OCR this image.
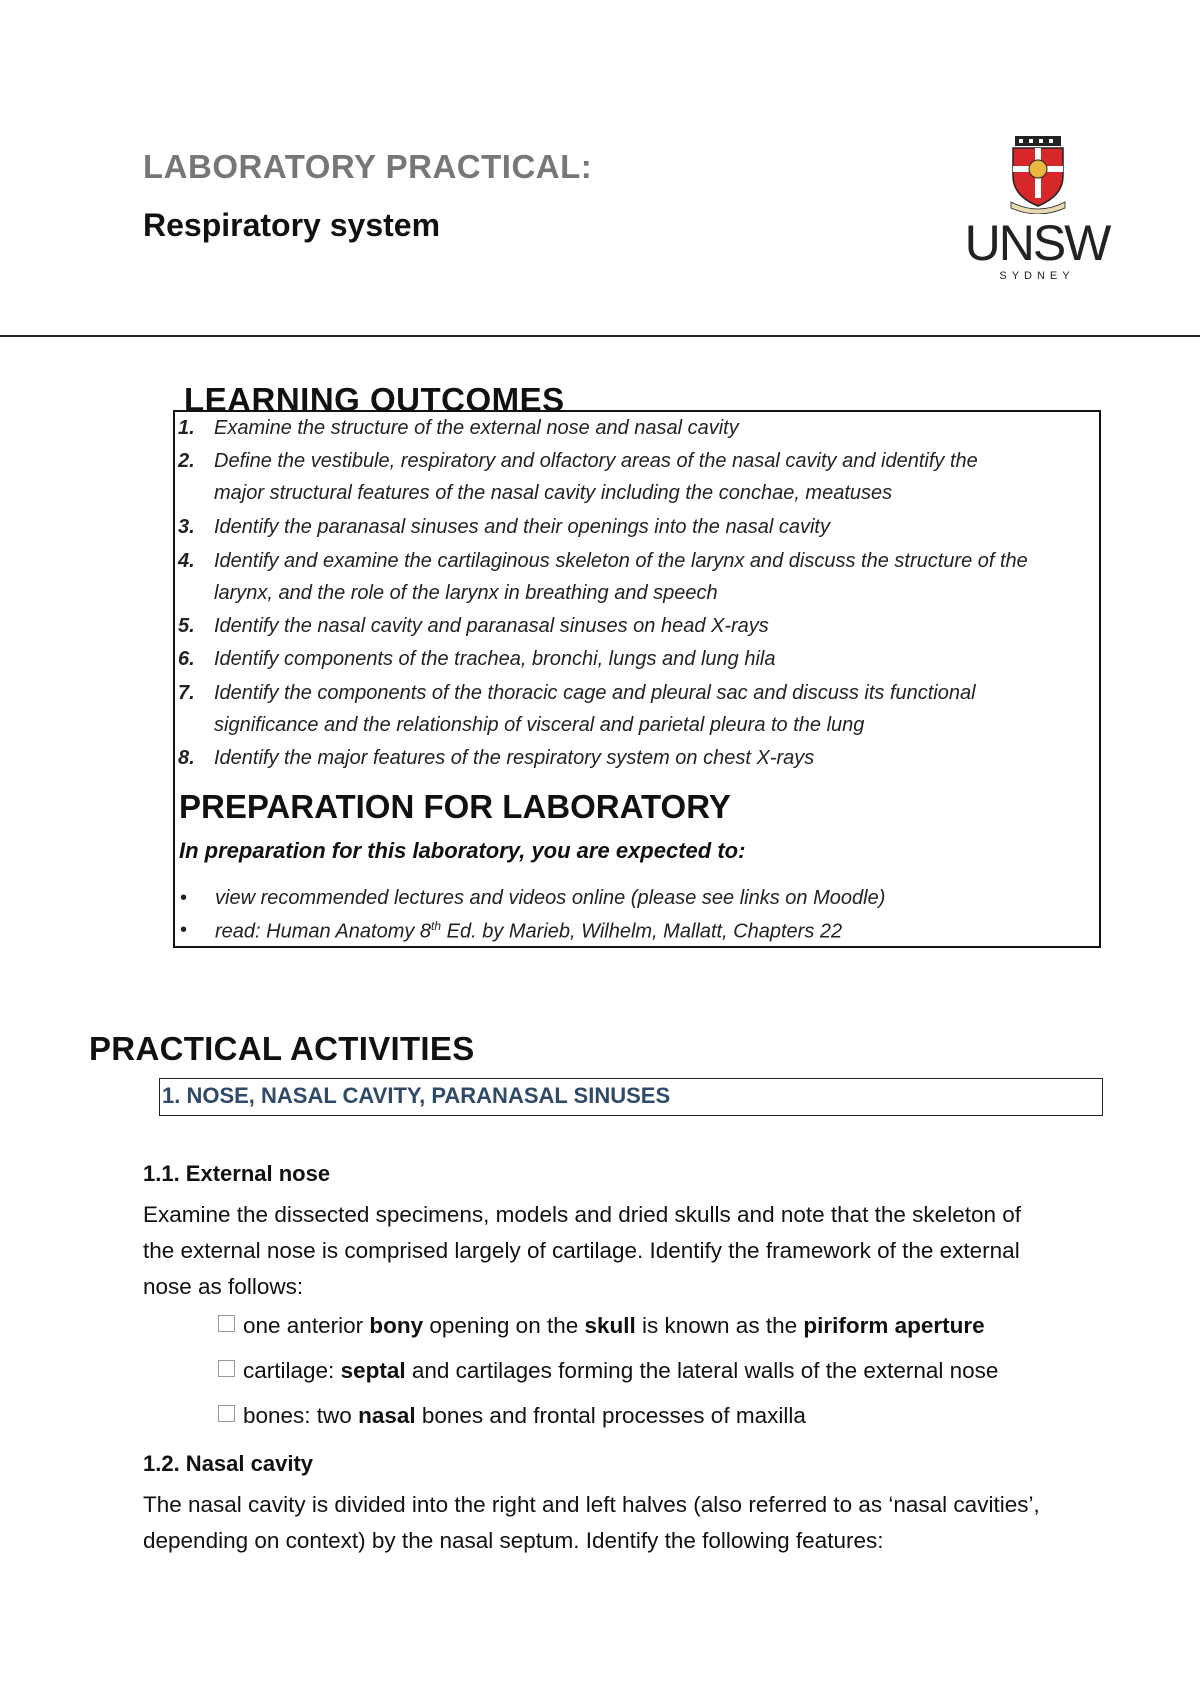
LABORATORY PRACTICAL:
Respiratory system	UNSW
SYDNEY
LEARNING OUTCOMES
1. Examine the structure of the external nose and nasal cavity
2. Define the vestibule, respiratory and olfactory areas of the nasal cavity and identify the
major structural features of the nasal cavity including the conchae, meatuses
3. Identify the paranasal sinuses and their openings into the nasal cavity
4. Identify and examine the cartilaginous skeleton of the larynx and discuss the structure of the
larynx, and the role of the larynx in breathing and speech
5. Identify the nasal cavity and paranasal sinuses on head X-rays
6. Identify components of the trachea, bronchi, lungs and lung hila
7. Identify the components of the thoracic cage and pleural sac and discuss its functional
significance and the relationship of visceral and parietal pleura to the lung
8. Identify the major features of the respiratory system on chest X-rays
PREPARATION FOR LABORATORY
In preparation for this laboratory, you are expected to:
• view recommended lectures and videos online (please see links on Moodle)
• read: Human Anatomy 8th Ed. by Marieb, Wilhelm, Mallatt, Chapters 22
PRACTICAL ACTIVITIES
1. NOSE, NASAL CAVITY, PARANASAL SINUSES
1.1. External nose
Examine the dissected specimens, models and dried skulls and note that the skeleton of
the external nose is comprised largely of cartilage. Identify the framework of the external
nose as follows:
one anterior bony opening on the skull is known as the piriform aperture
cartilage: septal and cartilages forming the lateral walls of the external nose
bones: two nasal bones and frontal processes of maxilla
1.2. Nasal cavity
The nasal cavity is divided into the right and left halves (also referred to as ‘nasal cavities’,
depending on context) by the nasal septum. Identify the following features:
